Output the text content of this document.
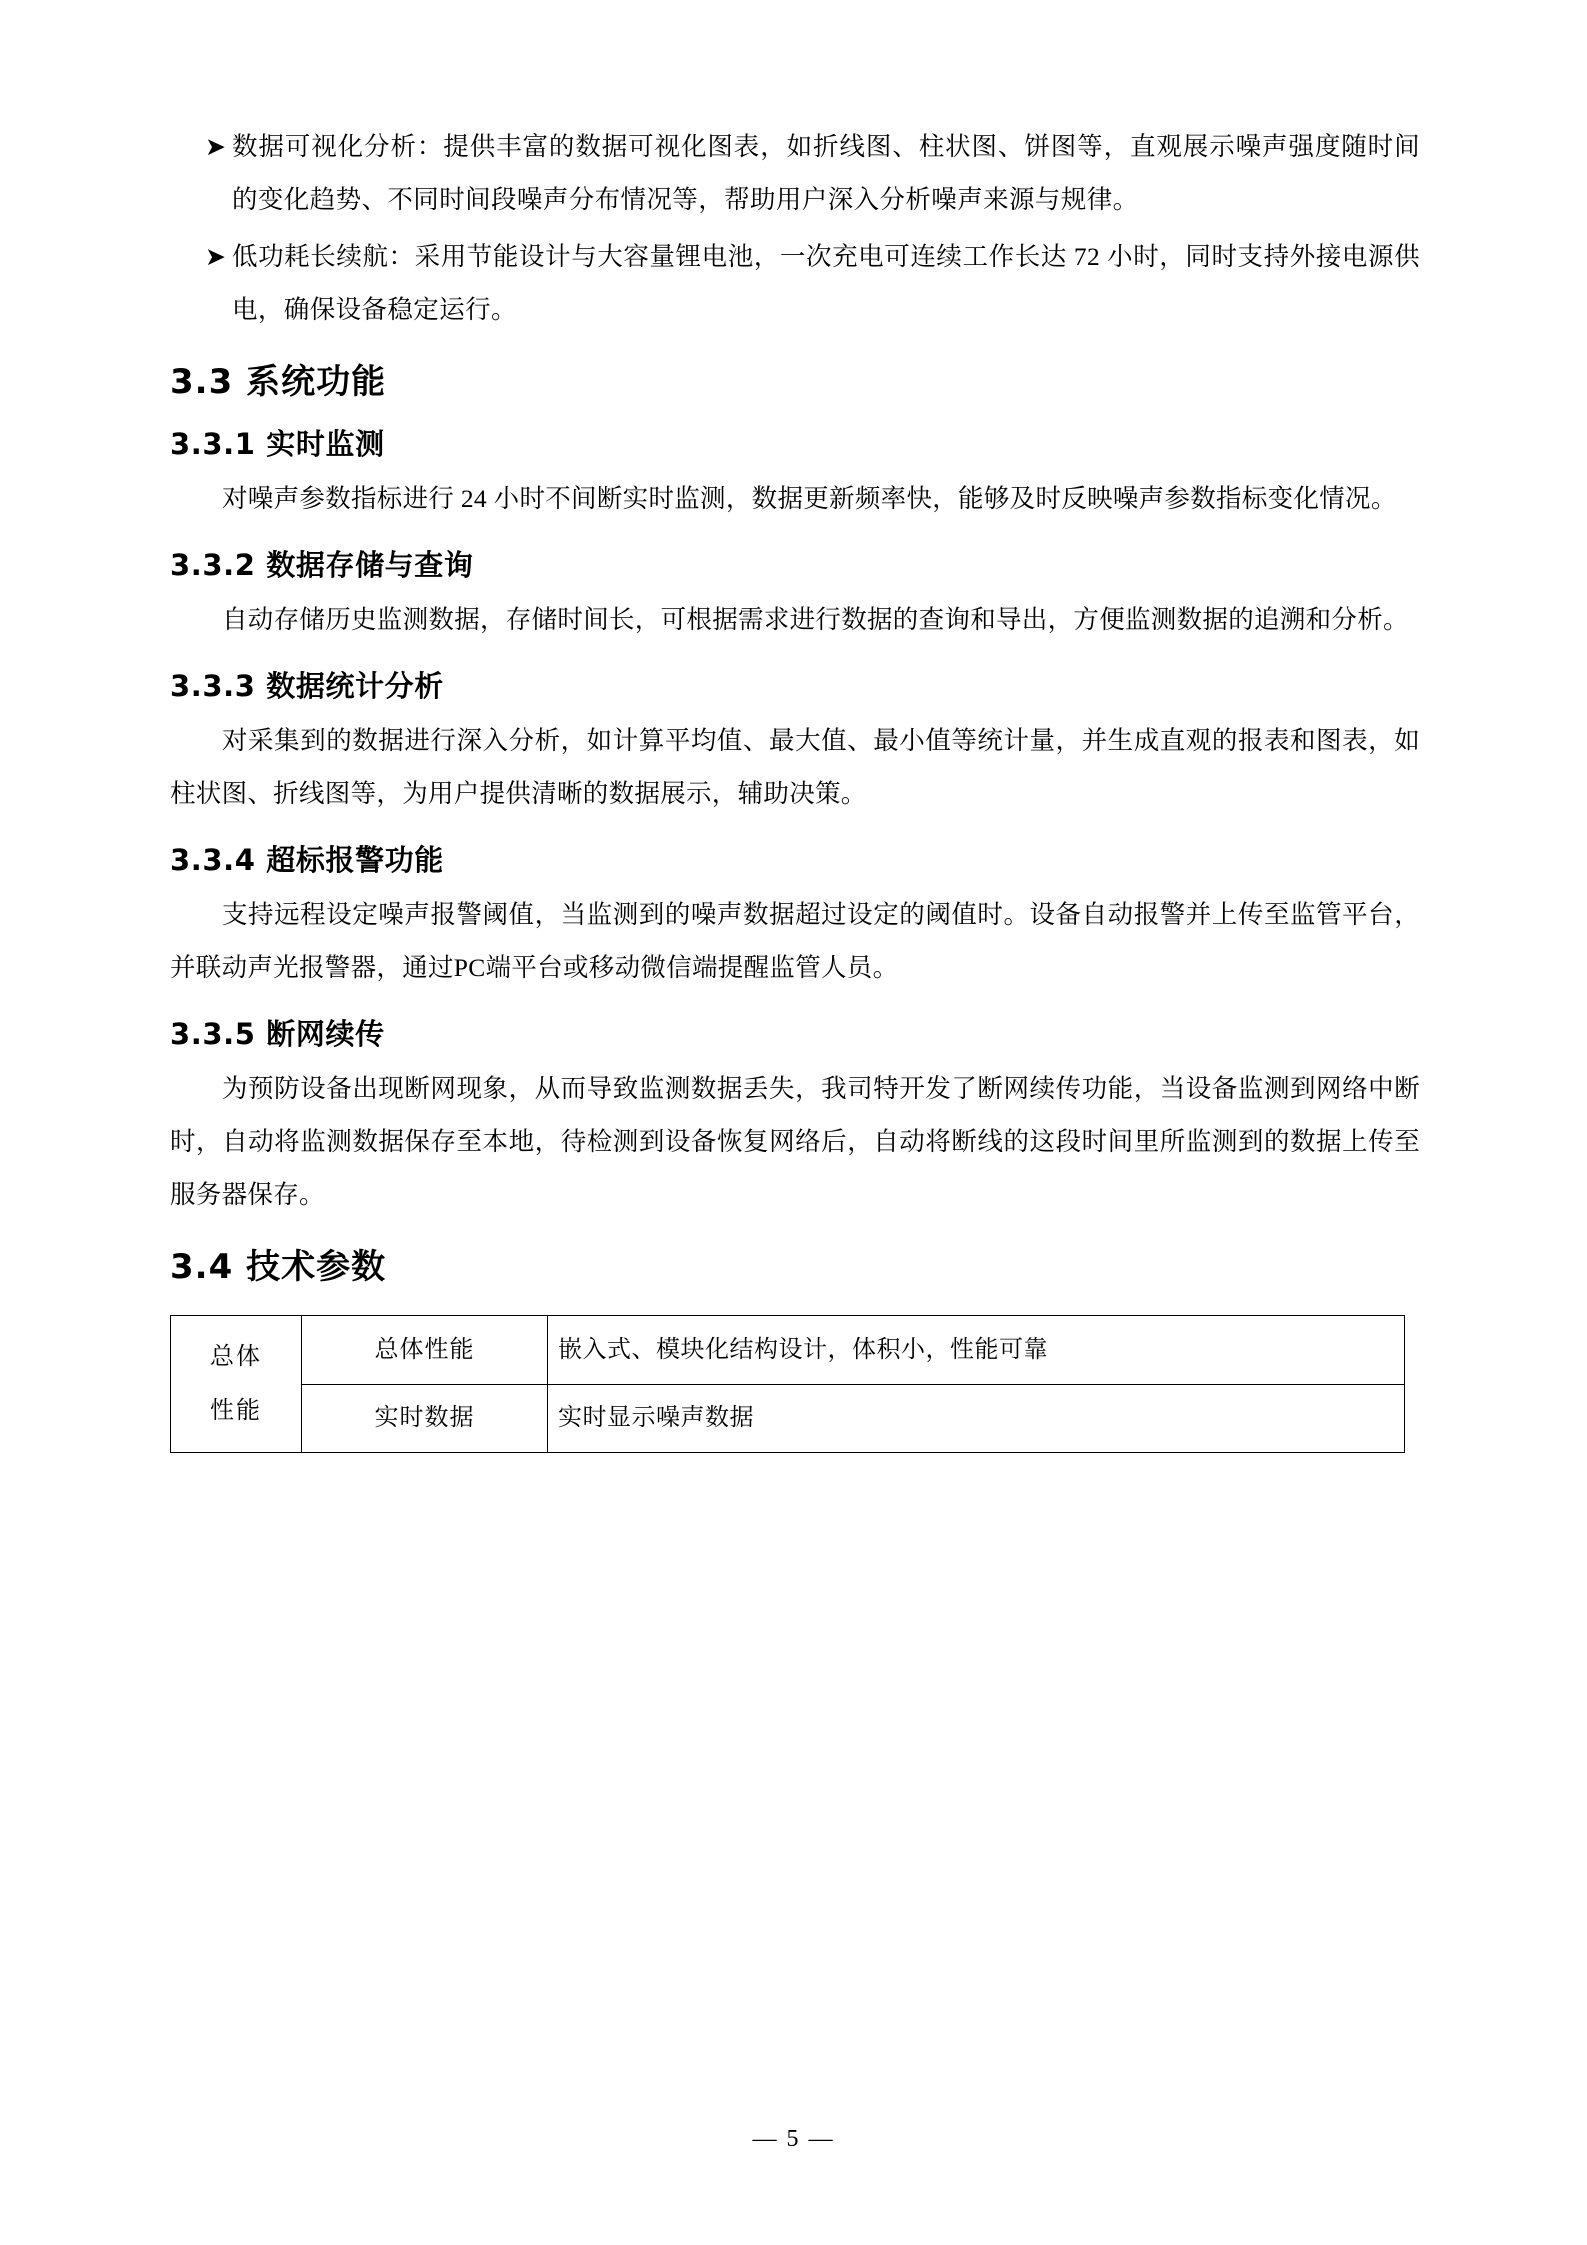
➤ 数据可视化分析：提供丰富的数据可视化图表，如折线图、柱状图、饼图等，直观展示噪声强度随时间的变化趋势、不同时间段噪声分布情况等，帮助用户深入分析噪声来源与规律。
➤ 低功耗长续航：采用节能设计与大容量锂电池，一次充电可连续工作长达 72 小时，同时支持外接电源供电，确保设备稳定运行。
3.3 系统功能
3.3.1 实时监测

对噪声参数指标进行 24 小时不间断实时监测，数据更新频率快，能够及时反映噪声参数指标变化情况。

3.3.2 数据存储与查询

自动存储历史监测数据，存储时间长，可根据需求进行数据的查询和导出，方便监测数据的追溯和分析。

3.3.3 数据统计分析

对采集到的数据进行深入分析，如计算平均值、最大值、最小值等统计量，并生成直观的报表和图表，如柱状图、折线图等，为用户提供清晰的数据展示，辅助决策。

3.3.4 超标报警功能

支持远程设定噪声报警阈值，当监测到的噪声数据超过设定的阈值时。设备自动报警并上传至监管平台，并联动声光报警器，通过PC端平台或移动微信端提醒监管人员。

3.3.5 断网续传

为预防设备出现断网现象，从而导致监测数据丢失，我司特开发了断网续传功能，当设备监测到网络中断时，自动将监测数据保存至本地，待检测到设备恢复网络后，自动将断线的这段时间里所监测到的数据上传至服务器保存。

3.4 技术参数
总体
性能	总体性能	嵌入式、模块化结构设计，体积小，性能可靠
	实时数据	实时显示噪声数据
— 5 —
